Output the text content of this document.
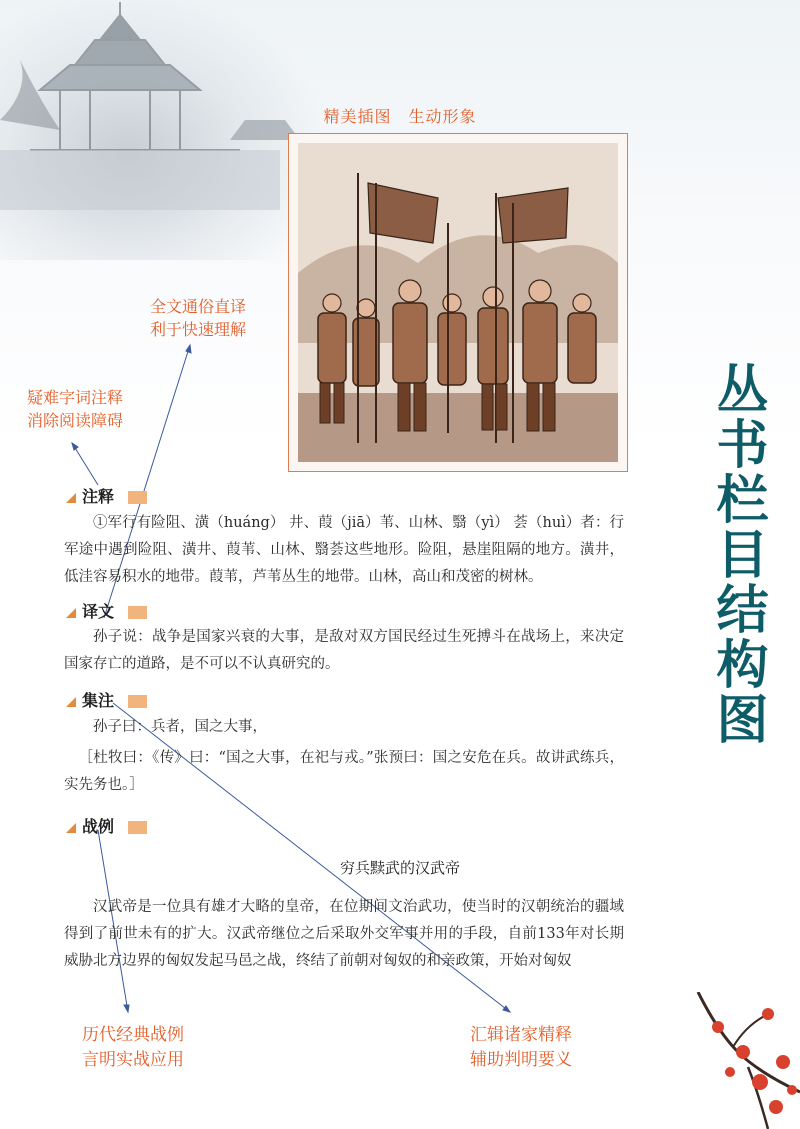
精美插图　生动形象
全文通俗直译
利于快速理解
疑难字词注释
消除阅读障碍
历代经典战例
言明实战应用
汇辑诸家精释
辅助判明要义
丛书栏目结构图
注释
①军行有险阻、潢（huáng） 井、葭（jiā）苇、山林、翳（yì） 荟（huì）者：行军途中遇到险阻、潢井、葭苇、山林、翳荟这些地形。险阻，悬崖阻隔的地方。潢井，低洼容易积水的地带。葭苇，芦苇丛生的地带。山林，高山和茂密的树林。
译文
孙子说：战争是国家兴衰的大事，是敌对双方国民经过生死搏斗在战场上，来决定国家存亡的道路，是不可以不认真研究的。
集注
孙子曰：兵者，国之大事，
［杜牧曰：《传》曰：“国之大事，在祀与戎。”张预曰：国之安危在兵。故讲武练兵，实先务也。］
战例
穷兵黩武的汉武帝
汉武帝是一位具有雄才大略的皇帝，在位期间文治武功，使当时的汉朝统治的疆域得到了前世未有的扩大。汉武帝继位之后采取外交军事并用的手段，自前133年对长期威胁北方边界的匈奴发起马邑之战，终结了前朝对匈奴的和亲政策，开始对匈奴
